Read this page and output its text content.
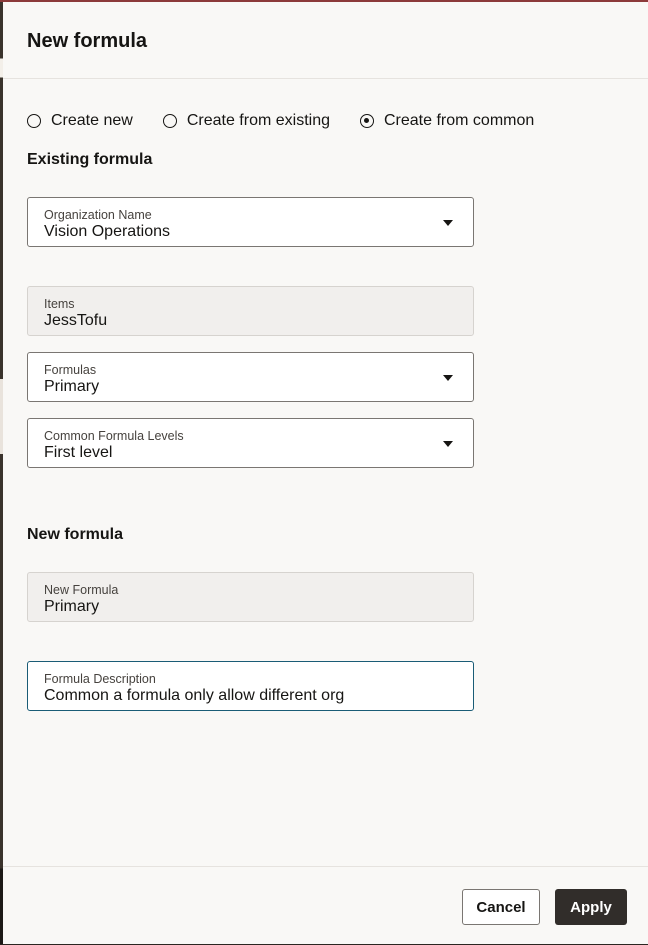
New formula
Create new	Create from existing	Create from common
Existing formula
Organization Name
Vision Operations
Items
JessTofu
Formulas
Primary
Common Formula Levels
First level
New formula
New Formula
Primary
Formula Description
Common a formula only allow different org
Cancel	Apply
